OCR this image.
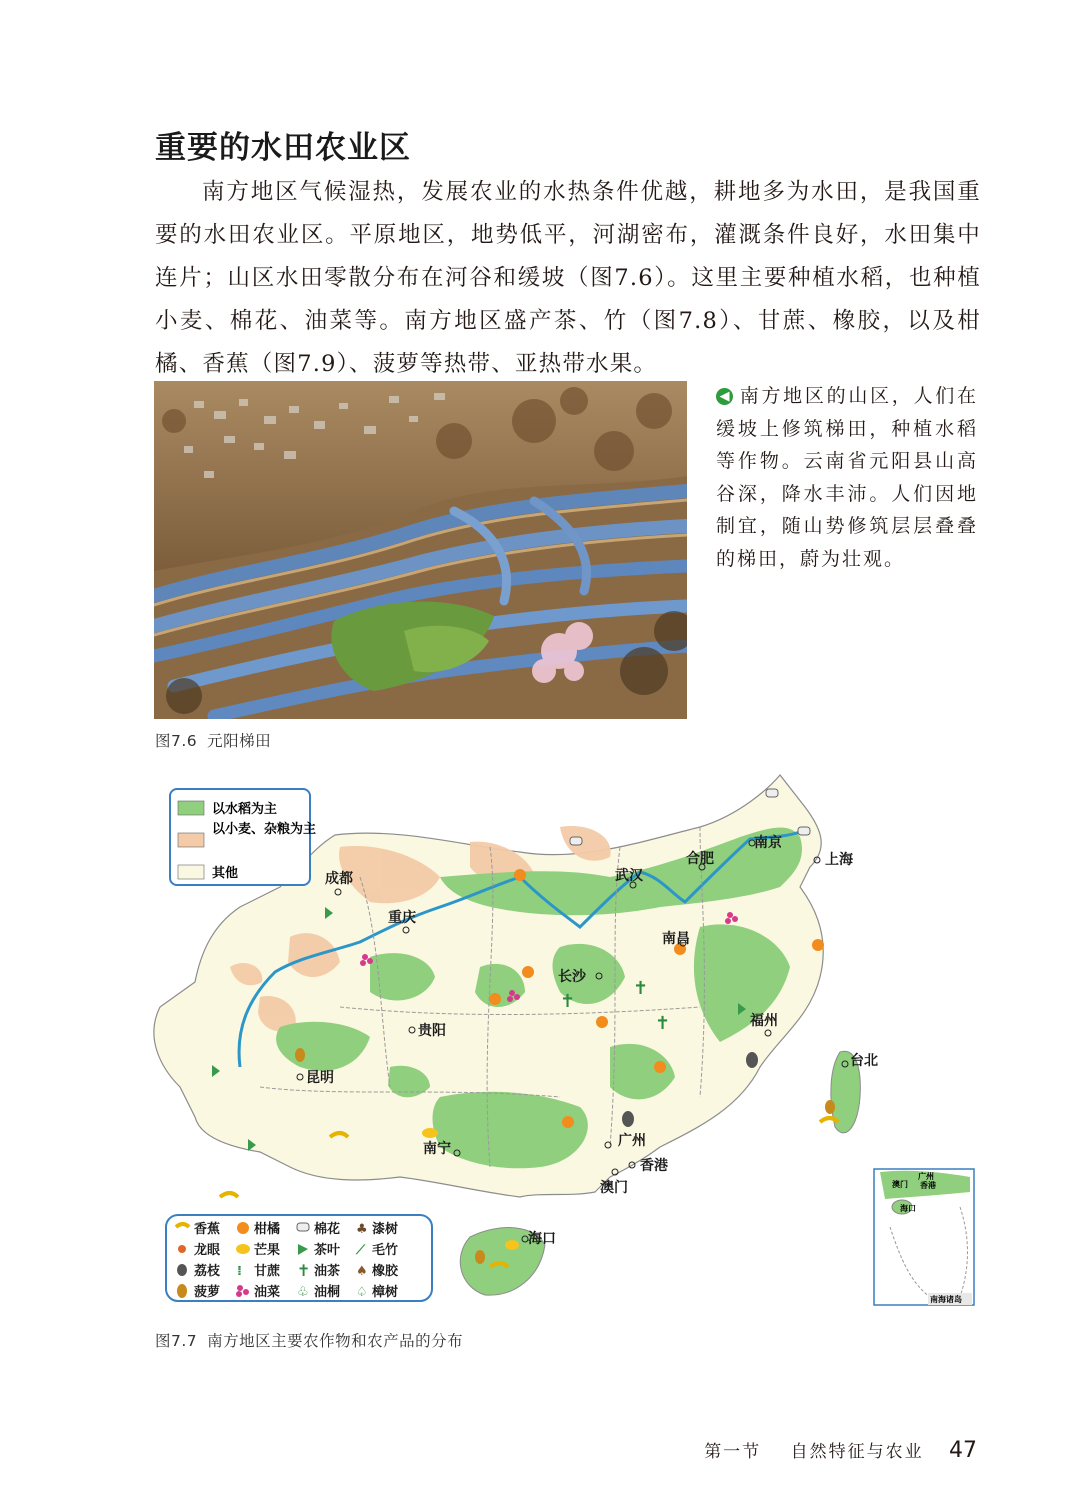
重要的水田农业区

南方地区气候湿热，发展农业的水热条件优越，耕地多为水田，是我国重要的水田农业区。平原地区，地势低平，河湖密布，灌溉条件良好，水田集中连片；山区水田零散分布在河谷和缓坡（图7.6）。这里主要种植水稻，也种植小麦、棉花、油菜等。南方地区盛产茶、竹（图7.8）、甘蔗、橡胶，以及柑橘、香蕉（图7.9）、菠萝等热带、亚热带水果。

◀ 南方地区的山区，人们在缓坡上修筑梯田，种植水稻等作物。云南省元阳县山高谷深，降水丰沛。人们因地制宜，随山势修筑层层叠叠的梯田，蔚为壮观。

图7.6 元阳梯田

✝
✝
✝
成都
重庆
武汉
合肥
南京
上海
南昌
长沙
贵阳
福州
台北
昆明
南宁	广州
香港
澳门
海口
以水稻为主
以小麦、杂粮为主
其他
香蕉	柑橘	棉花 ♣ 漆树
龙眼	芒果	茶叶 ⟋ 毛竹
荔枝 ⁞ 甘蔗 ✝ 油茶 ♠ 橡胶
菠萝	油菜 ♧ 油桐 ♤ 樟树
广州
澳门 香港
海口
南海诸岛

图7.7 南方地区主要农作物和农产品的分布

第一节 自然特征与农业 47
